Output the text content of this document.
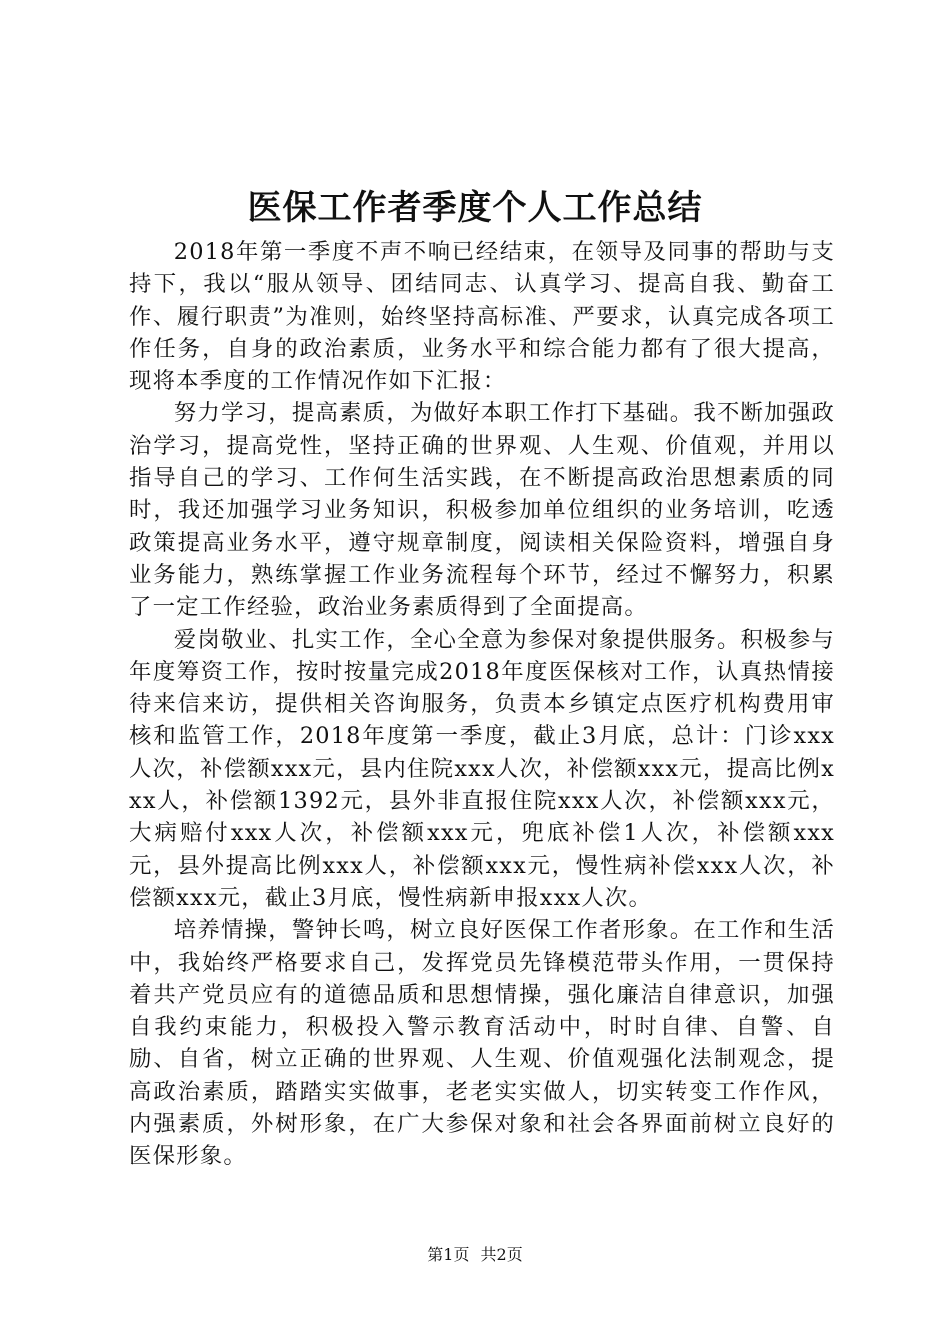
医保工作者季度个人工作总结

2018年第一季度不声不响已经结束，在领导及同事的帮助与支持下，我以“服从领导、团结同志、认真学习、提高自我、勤奋工作、履行职责”为准则，始终坚持高标准、严要求，认真完成各项工作任务，自身的政治素质，业务水平和综合能力都有了很大提高，现将本季度的工作情况作如下汇报：

努力学习，提高素质，为做好本职工作打下基础。我不断加强政治学习，提高党性，坚持正确的世界观、人生观、价值观，并用以指导自己的学习、工作何生活实践，在不断提高政治思想素质的同时，我还加强学习业务知识，积极参加单位组织的业务培训，吃透政策提高业务水平，遵守规章制度，阅读相关保险资料，增强自身业务能力，熟练掌握工作业务流程每个环节，经过不懈努力，积累了一定工作经验，政治业务素质得到了全面提高。

爱岗敬业、扎实工作，全心全意为参保对象提供服务。积极参与年度筹资工作，按时按量完成2018年度医保核对工作，认真热情接待来信来访，提供相关咨询服务，负责本乡镇定点医疗机构费用审核和监管工作，2018年度第一季度，截止3月底，总计：门诊xxx人次，补偿额xxx元，县内住院xxx人次，补偿额xxx元，提高比例xxx人，补偿额1392元，县外非直报住院xxx人次，补偿额xxx元，大病赔付xxx人次，补偿额xxx元，兜底补偿1人次，补偿额xxx元，县外提高比例xxx人，补偿额xxx元，慢性病补偿xxx人次，补偿额xxx元，截止3月底，慢性病新申报xxx人次。

培养情操，警钟长鸣，树立良好医保工作者形象。在工作和生活中，我始终严格要求自己，发挥党员先锋模范带头作用，一贯保持着共产党员应有的道德品质和思想情操，强化廉洁自律意识，加强自我约束能力，积极投入警示教育活动中，时时自律、自警、自励、自省，树立正确的世界观、人生观、价值观强化法制观念，提高政治素质，踏踏实实做事，老老实实做人，切实转变工作作风，内强素质，外树形象，在广大参保对象和社会各界面前树立良好的医保形象。

第1页 共2页
